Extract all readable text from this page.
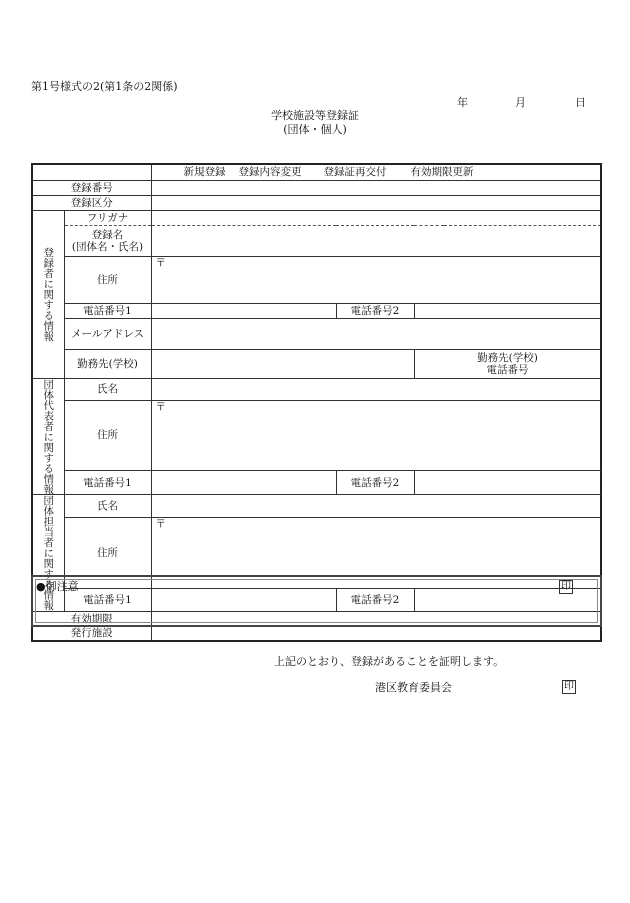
第1号様式の2(第1条の2関係)
年	月	日
学校施設等登録証
(団体・個人)
		新規登録 登録内容変更 登録証再交付 有効期限更新			
登録番号					
登録区分					
登録者に関する情報	フリガナ				

	登録名
(団体名・氏名)				

	住所	〒			
	電話番号1		電話番号2		
	メールアドレス				
	勤務先(学校)			勤務先(学校)
電話番号	

団体代表者に関する情報	氏名				
	住所	〒			
	電話番号1		電話番号2		
団体担当者に関する情報	氏名				
	住所	〒			
	電話番号1		電話番号2		
有効期限					
発行施設					
●御注意	印
上記のとおり、登録があることを証明します。
港区教育委員会	印
